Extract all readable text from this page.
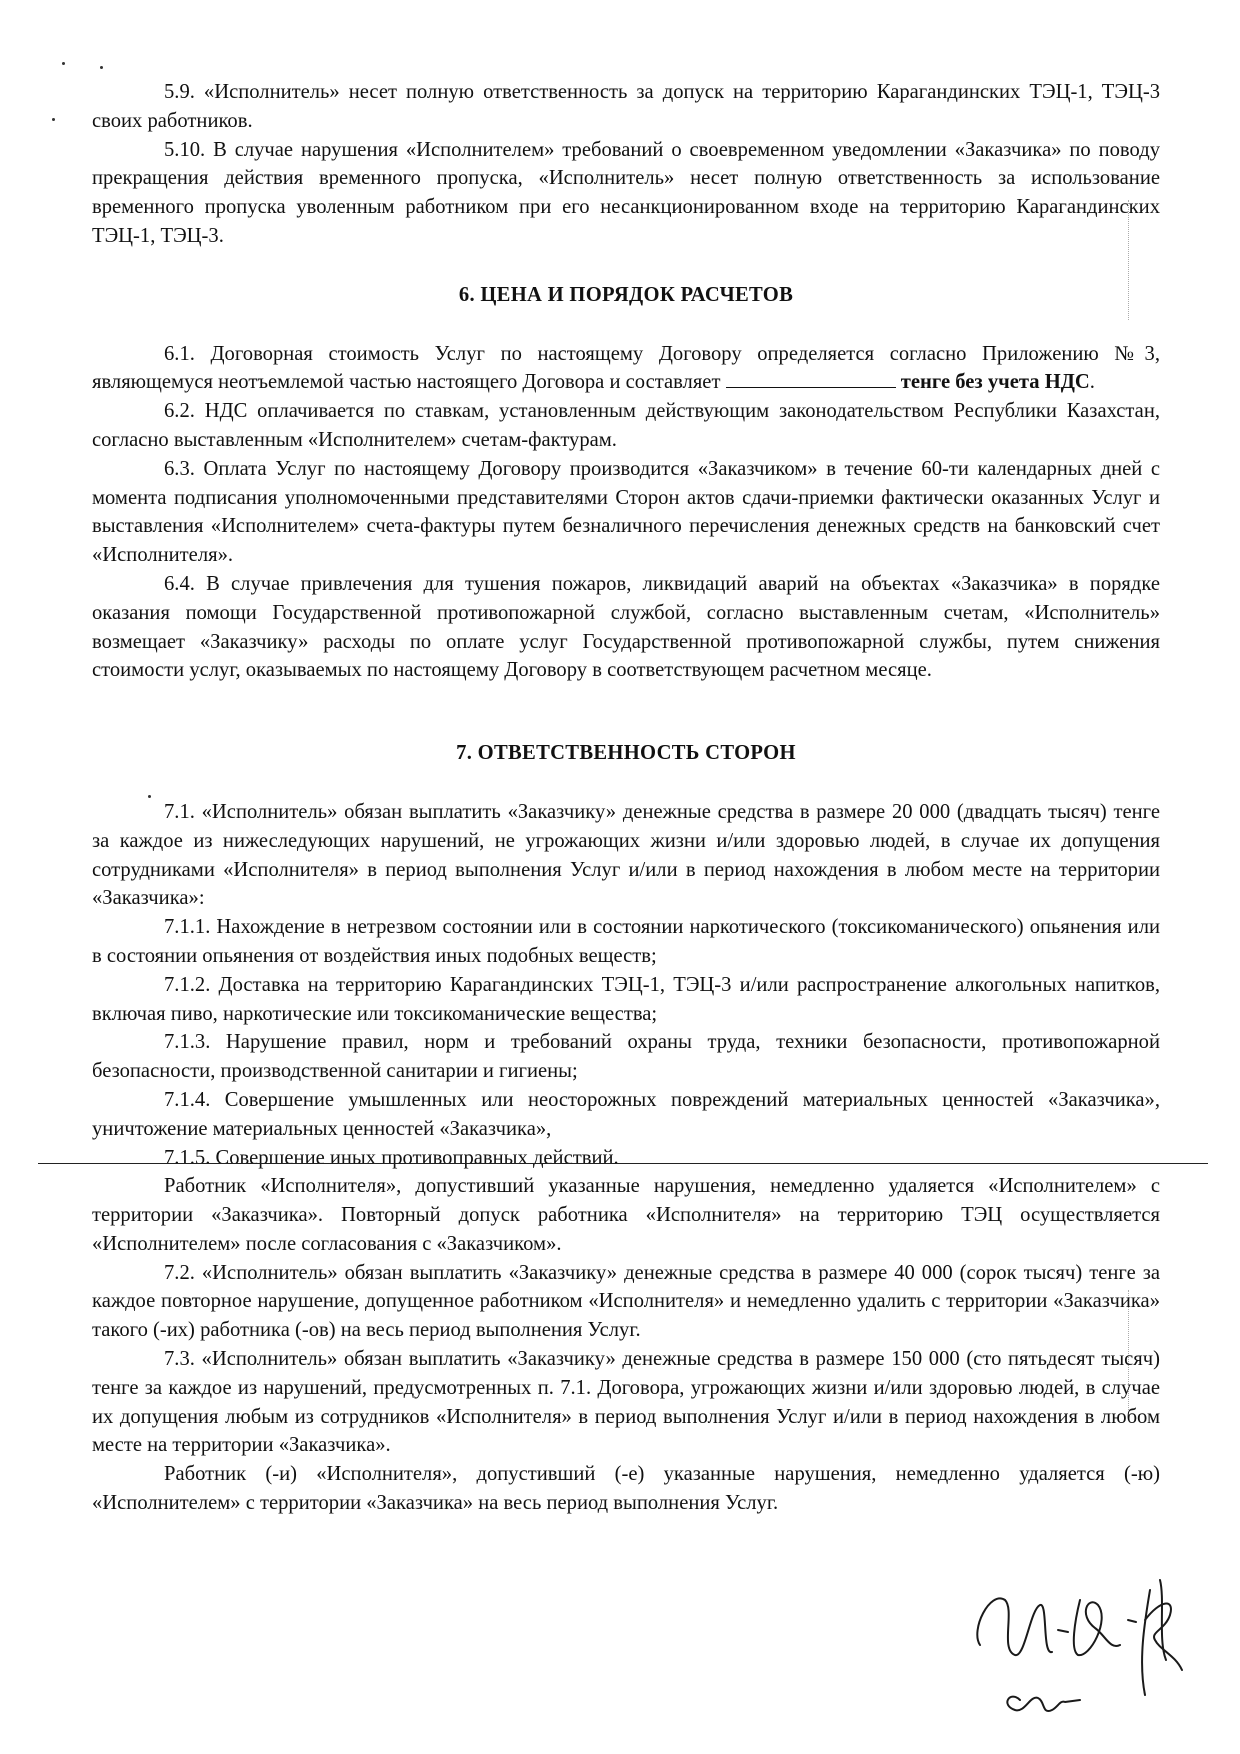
5.9. «Исполнитель» несет полную ответственность за допуск на территорию Карагандинских ТЭЦ-1, ТЭЦ-3 своих работников.

5.10. В случае нарушения «Исполнителем» требований о своевременном уведомлении «Заказчика» по поводу прекращения действия временного пропуска, «Исполнитель» несет полную ответственность за использование временного пропуска уволенным работником при его несанкционированном входе на территорию Карагандинских ТЭЦ-1, ТЭЦ-3.

6. ЦЕНА И ПОРЯДОК РАСЧЕТОВ

6.1. Договорная стоимость Услуг по настоящему Договору определяется согласно Приложению №3, являющемуся неотъемлемой частью настоящего Договора и составляет	тенге без учета НДС.

6.2. НДС оплачивается по ставкам, установленным действующим законодательством Республики Казахстан, согласно выставленным «Исполнителем» счетам-фактурам.

6.3. Оплата Услуг по настоящему Договору производится «Заказчиком» в течение 60-ти календарных дней с момента подписания уполномоченными представителями Сторон актов сдачи-приемки фактически оказанных Услуг и выставления «Исполнителем» счета-фактуры путем безналичного перечисления денежных средств на банковский счет «Исполнителя».

6.4. В случае привлечения для тушения пожаров, ликвидаций аварий на объектах «Заказчика» в порядке оказания помощи Государственной противопожарной службой, согласно выставленным счетам, «Исполнитель» возмещает «Заказчику» расходы по оплате услуг Государственной противопожарной службы, путем снижения стоимости услуг, оказываемых по настоящему Договору в соответствующем расчетном месяце.

7. ОТВЕТСТВЕННОСТЬ СТОРОН

7.1. «Исполнитель» обязан выплатить «Заказчику» денежные средства в размере 20 000 (двадцать тысяч) тенге за каждое из нижеследующих нарушений, не угрожающих жизни и/или здоровью людей, в случае их допущения сотрудниками «Исполнителя» в период выполнения Услуг и/или в период нахождения в любом месте на территории «Заказчика»:

7.1.1. Нахождение в нетрезвом состоянии или в состоянии наркотического (токсикоманического) опьянения или в состоянии опьянения от воздействия иных подобных веществ;

7.1.2. Доставка на территорию Карагандинских ТЭЦ-1, ТЭЦ-3 и/или распространение алкогольных напитков, включая пиво, наркотические или токсикоманические вещества;

7.1.3. Нарушение правил, норм и требований охраны труда, техники безопасности, противопожарной безопасности, производственной санитарии и гигиены;

7.1.4. Совершение умышленных или неосторожных повреждений материальных ценностей «Заказчика», уничтожение материальных ценностей «Заказчика»,

7.1.5. Совершение иных противоправных действий.

Работник «Исполнителя», допустивший указанные нарушения, немедленно удаляется «Исполнителем» с территории «Заказчика». Повторный допуск работника «Исполнителя» на территорию ТЭЦ осуществляется «Исполнителем» после согласования с «Заказчиком».

7.2. «Исполнитель» обязан выплатить «Заказчику» денежные средства в размере 40 000 (сорок тысяч) тенге за каждое повторное нарушение, допущенное работником «Исполнителя» и немедленно удалить с территории «Заказчика» такого (-их) работника (-ов) на весь период выполнения Услуг.

7.3. «Исполнитель» обязан выплатить «Заказчику» денежные средства в размере 150 000 (сто пятьдесят тысяч) тенге за каждое из нарушений, предусмотренных п. 7.1. Договора, угрожающих жизни и/или здоровью людей, в случае их допущения любым из сотрудников «Исполнителя» в период выполнения Услуг и/или в период нахождения в любом месте на территории «Заказчика».

Работник (-и) «Исполнителя», допустивший (-е) указанные нарушения, немедленно удаляется (-ю) «Исполнителем» с территории «Заказчика» на весь период выполнения Услуг.
